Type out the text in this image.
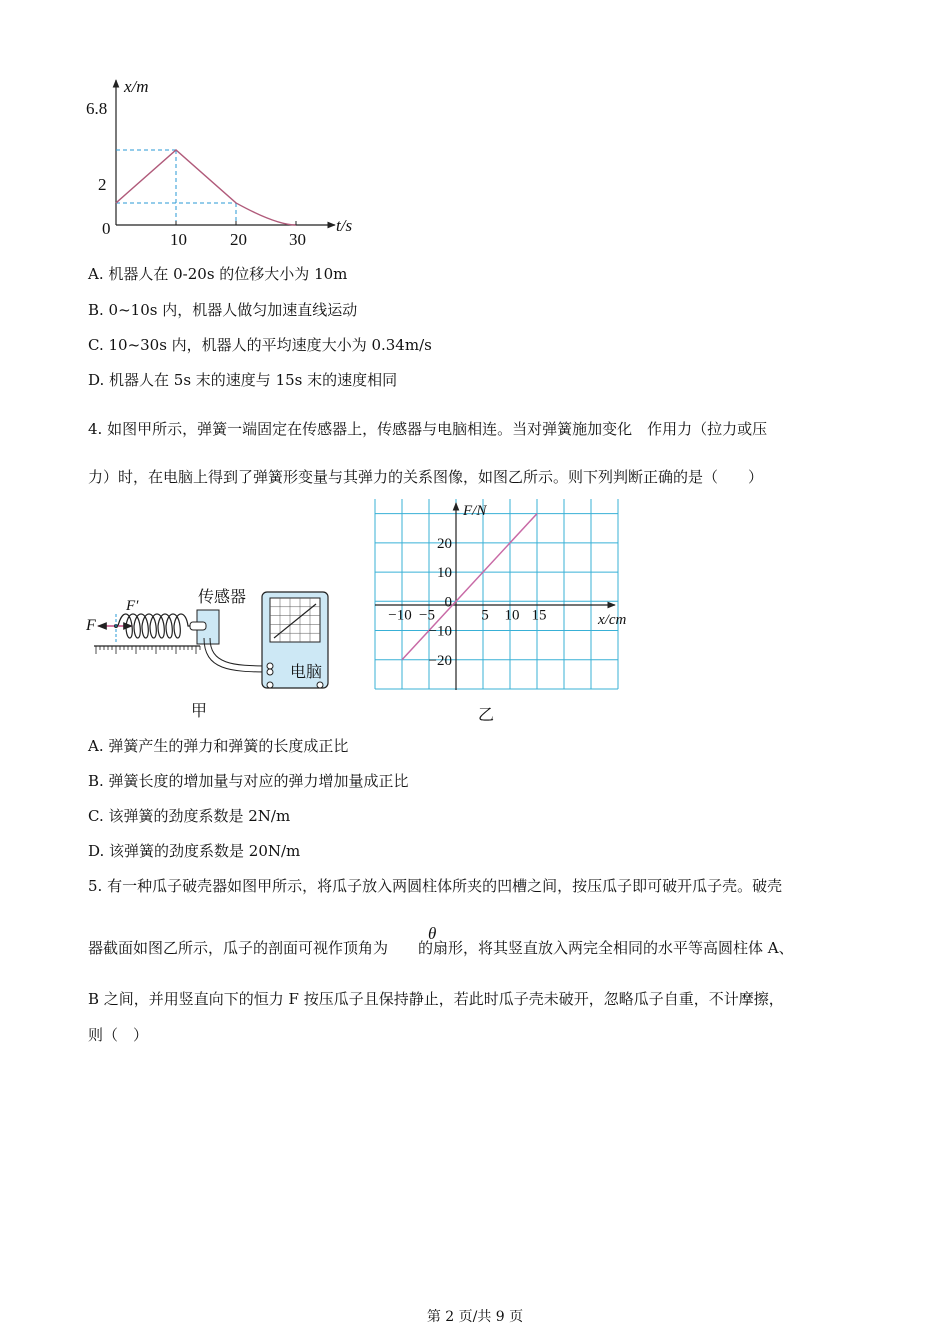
6.8
2
0
10	20 30
x/m
t/s
A. 机器人在 0-20s 的位移大小为 10m
B. 0~10s 内，机器人做匀加速直线运动
C. 10~30s 内，机器人的平均速度大小为 0.34m/s
D. 机器人在 5s 末的速度与 15s 末的速度相同
4. 如图甲所示，弹簧一端固定在传感器上，传感器与电脑相连。当对弹簧施加变化　作用力（拉力或压
力）时，在电脑上得到了弹簧形变量与其弹力的关系图像，如图乙所示。则下列判断正确的是（　　）
传感器
电脑
F
F′
甲
F/N
x/cm
20
10
0
−10
−20
−10 −5	5 10 15
乙
A. 弹簧产生的弹力和弹簧的长度成正比
B. 弹簧长度的增加量与对应的弹力增加量成正比
C. 该弹簧的劲度系数是 2N/m
D. 该弹簧的劲度系数是 20N/m
5. 有一种瓜子破壳器如图甲所示，将瓜子放入两圆柱体所夹的凹槽之间，按压瓜子即可破开瓜子壳。破壳
θ
器截面如图乙所示，瓜子的剖面可视作顶角为　　的扇形，将其竖直放入两完全相同的水平等高圆柱体 A、
B 之间，并用竖直向下的恒力 F 按压瓜子且保持静止，若此时瓜子壳未破开，忽略瓜子自重，不计摩擦，
则（　）
第 2 页/共 9 页
